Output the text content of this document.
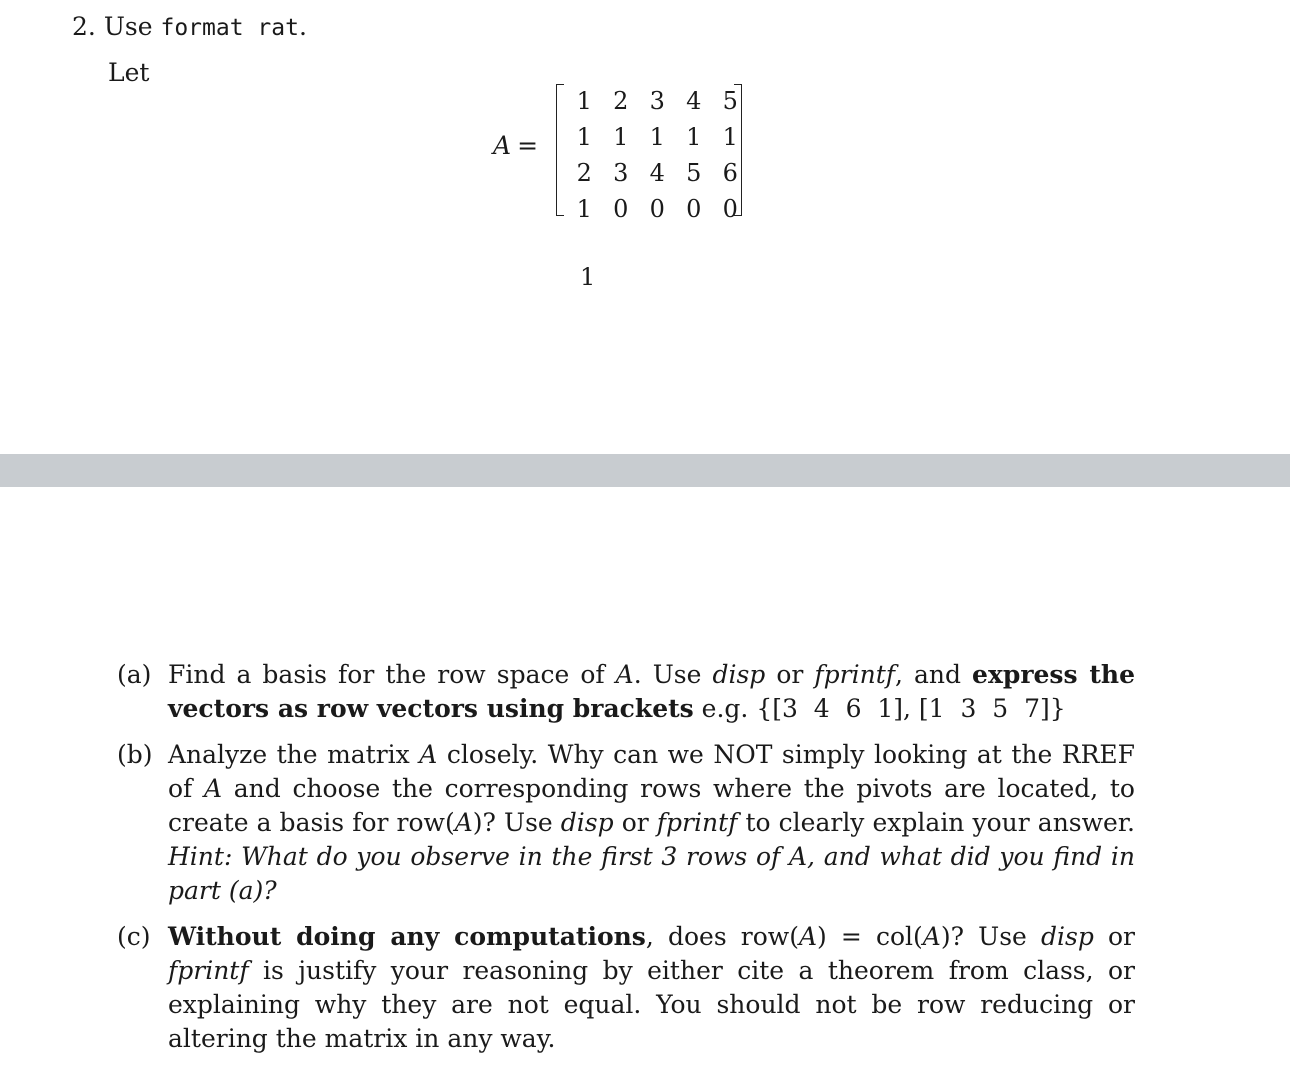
2. Use format rat.
Let
A =
1 2 3 4 5
1 1 1 1 1
2 3 4 5 6
1 0 0 0 0
1
(a) Find a basis for the row space of A. Use disp or fprintf, and express the vectors as row vectors using brackets e.g. {[3  4  6  1], [1  3  5  7]}
(b) Analyze the matrix A closely. Why can we NOT simply looking at the RREF of A and choose the corresponding rows where the pivots are located, to create a basis for row(A)? Use disp or fprintf to clearly explain your answer. Hint: What do you observe in the first 3 rows of A, and what did you find in part (a)?
(c) Without doing any computations, does row(A) = col(A)? Use disp or fprintf is justify your reasoning by either cite a theorem from class, or explaining why they are not equal. You should not be row reducing or altering the matrix in any way.
